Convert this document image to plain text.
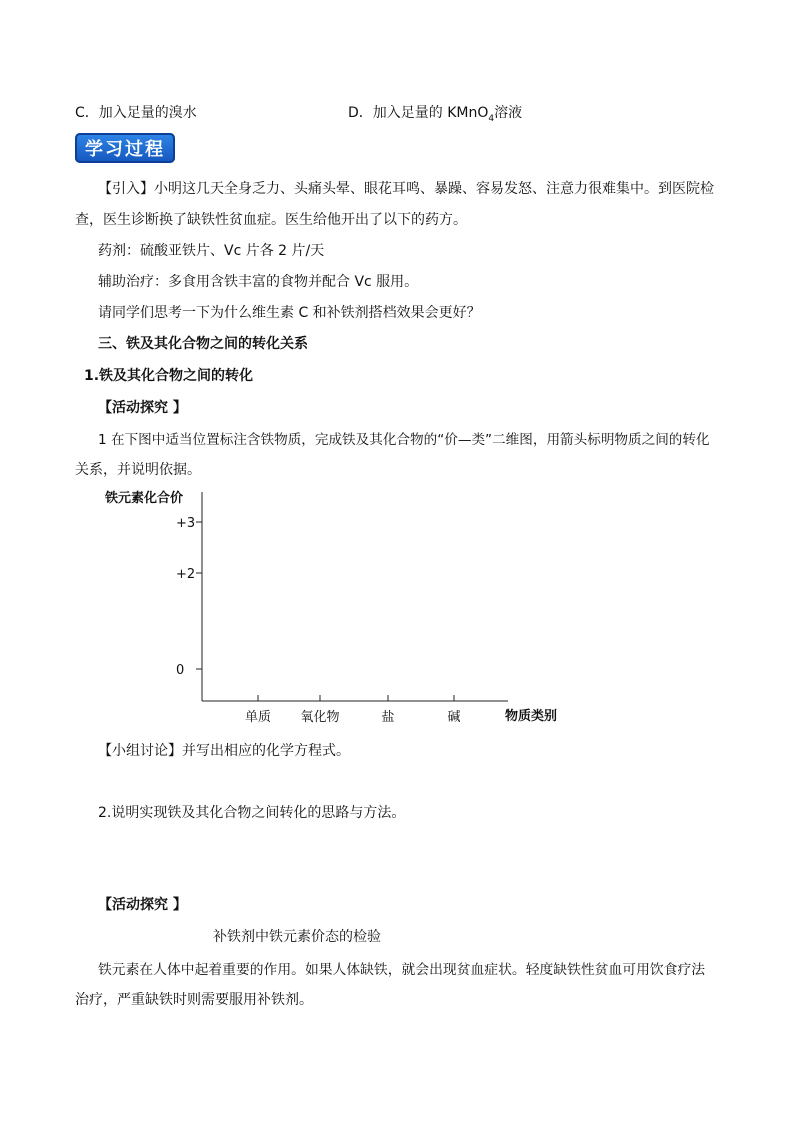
C．加入足量的溴水	D．加入足量的 KMnO$_4$溶液
学习过程
【引入】小明这几天全身乏力、头痛头晕、眼花耳鸣、暴躁、容易发怒、注意力很难集中。到医院检
查，医生诊断换了缺铁性贫血症。医生给他开出了以下的药方。
药剂：硫酸亚铁片、Vc 片各 2 片/天
辅助治疗：多食用含铁丰富的食物并配合 Vc 服用。
请同学们思考一下为什么维生素 C 和补铁剂搭档效果会更好？
三、铁及其化合物之间的转化关系
1.铁及其化合物之间的转化
【活动探究 】
1 在下图中适当位置标注含铁物质，完成铁及其化合物的“价—类”二维图，用箭头标明物质之间的转化
关系，并说明依据。
铁元素化合价
+3
+2
0
单质 氧化物	盐	碱	物质类别
【小组讨论】并写出相应的化学方程式。
2.说明实现铁及其化合物之间转化的思路与方法。
【活动探究 】
补铁剂中铁元素价态的检验
铁元素在人体中起着重要的作用。如果人体缺铁，就会出现贫血症状。轻度缺铁性贫血可用饮食疗法
治疗，严重缺铁时则需要服用补铁剂。
